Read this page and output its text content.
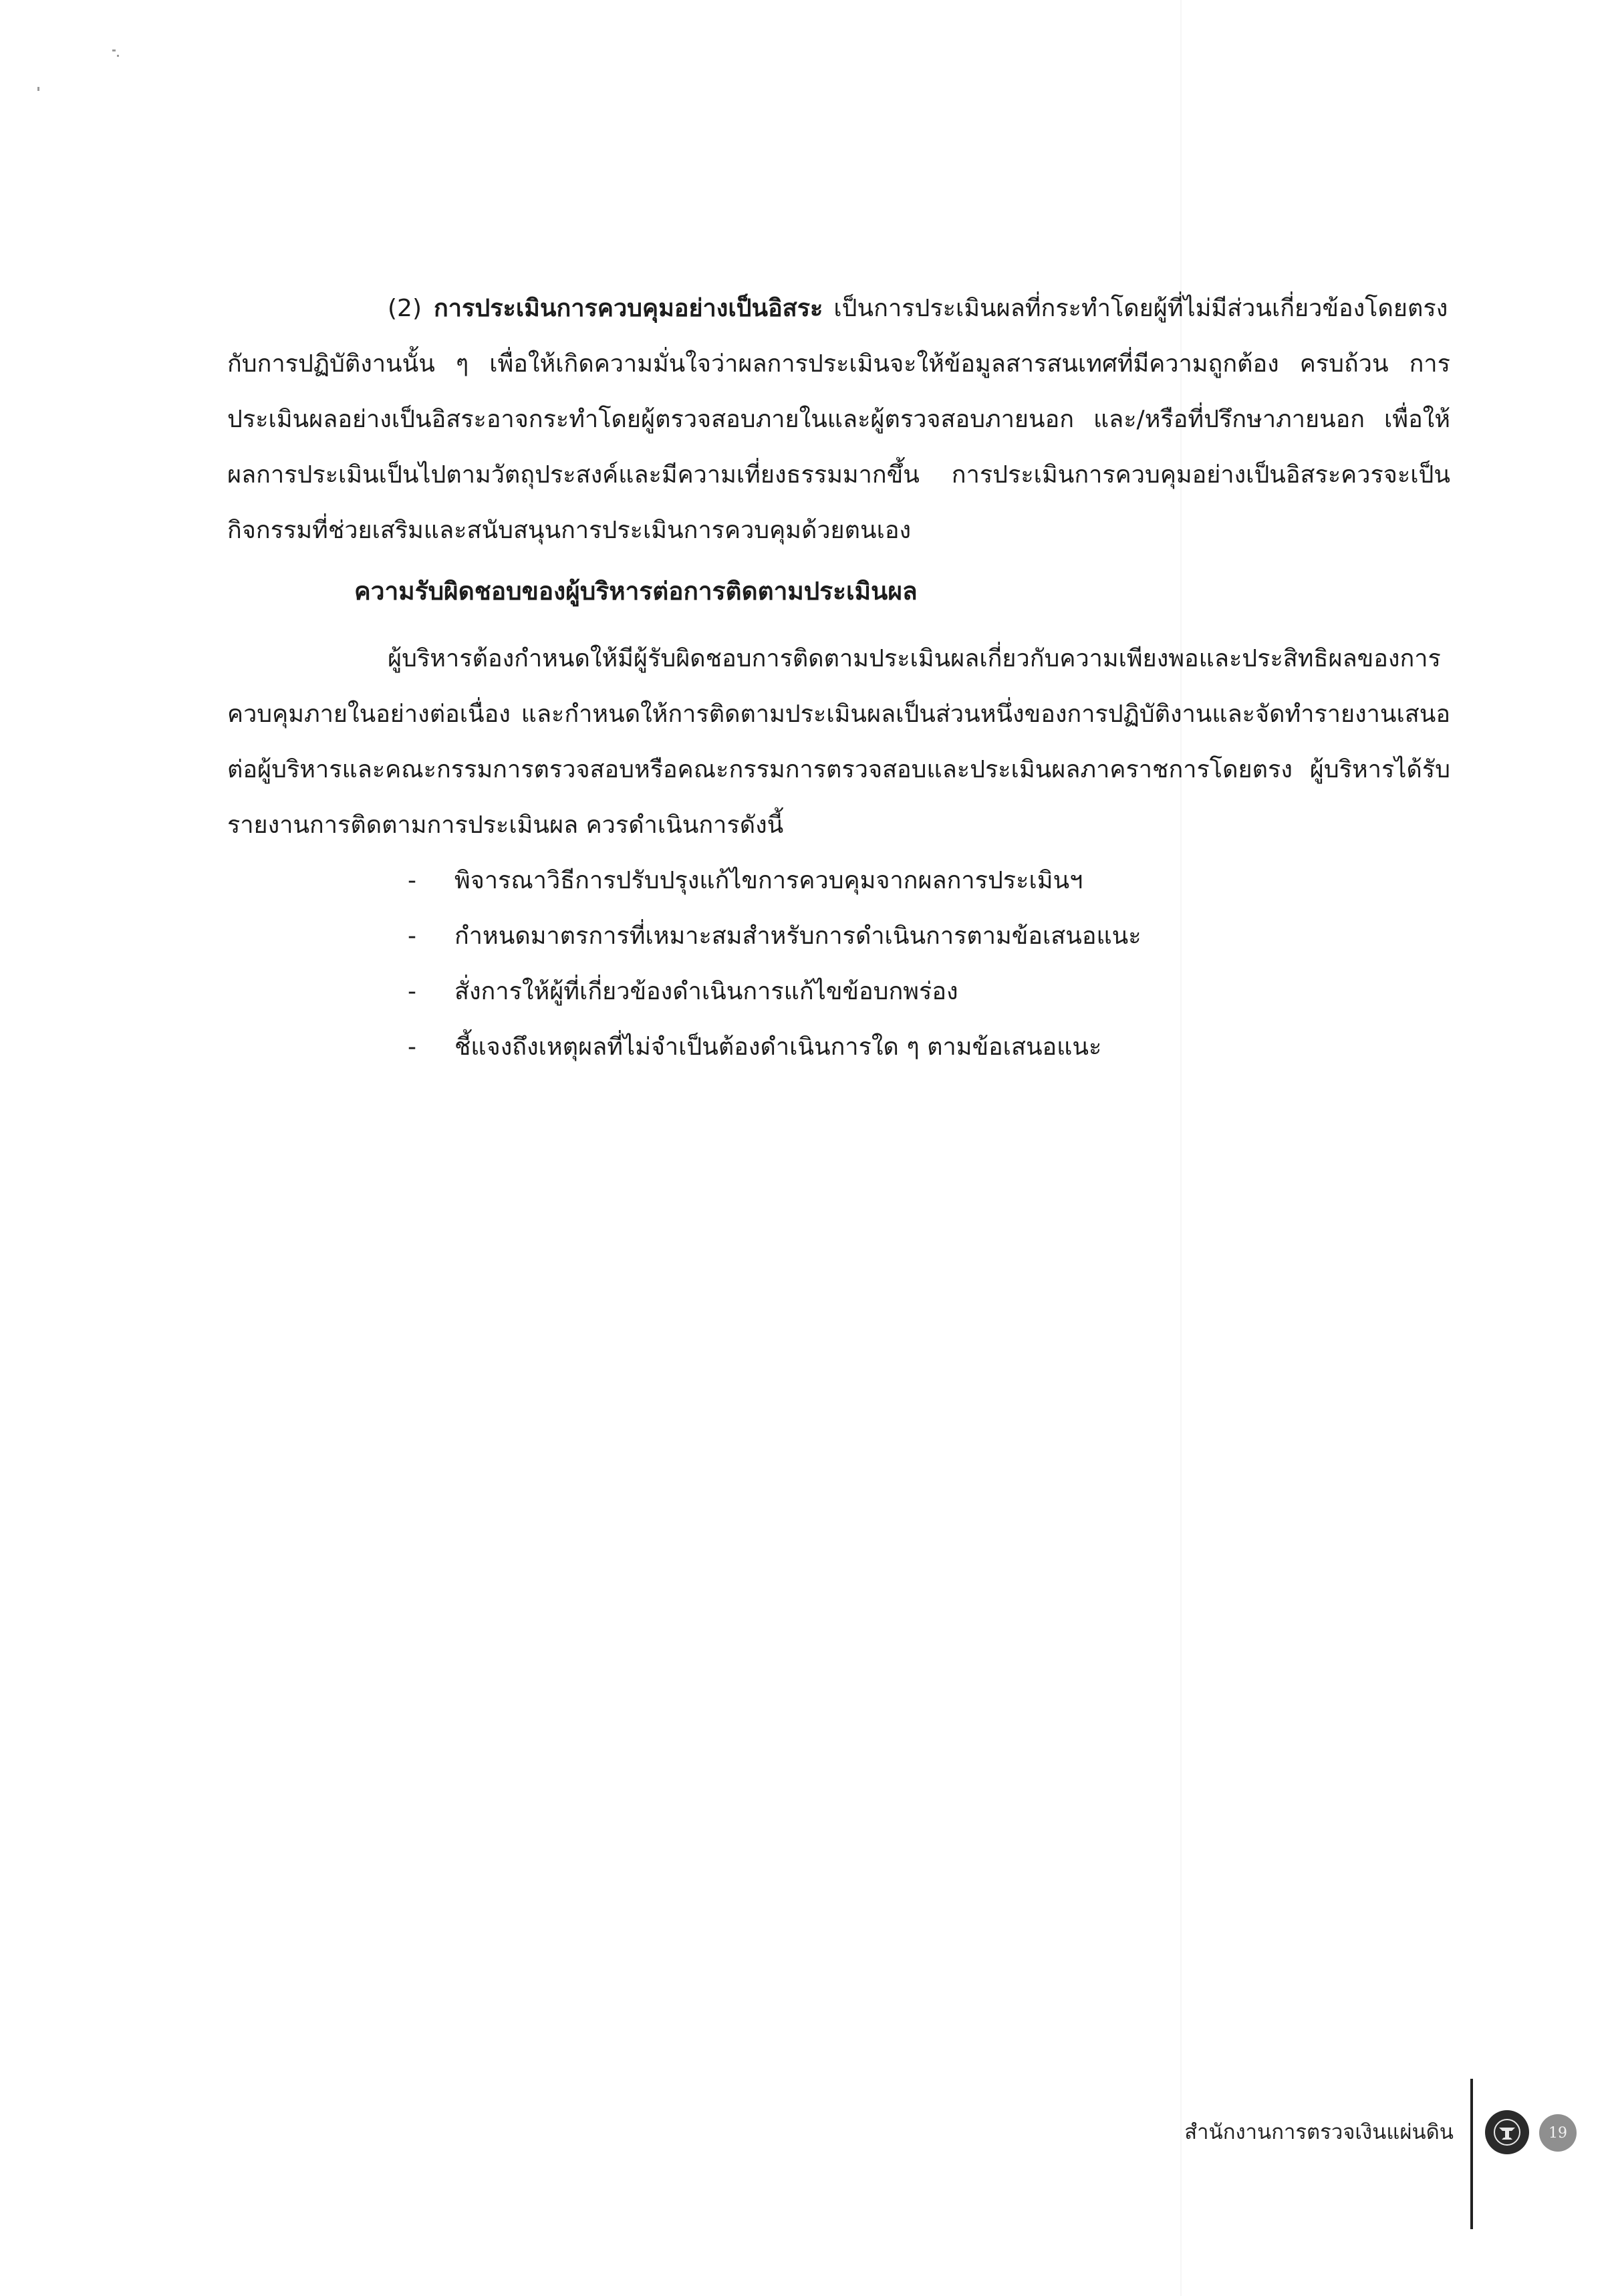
(2) การประเมินการควบคุมอย่างเป็นอิสระ เป็นการประเมินผลที่กระทำโดยผู้ที่ไม่มีส่วนเกี่ยวข้องโดยตรงกับการปฏิบัติงานนั้น ๆ เพื่อให้เกิดความมั่นใจว่าผลการประเมินจะให้ข้อมูลสารสนเทศที่มีความถูกต้อง ครบถ้วน การประเมินผลอย่างเป็นอิสระอาจกระทำโดยผู้ตรวจสอบภายในและผู้ตรวจสอบภายนอก และ/หรือที่ปรึกษาภายนอก เพื่อให้ผลการประเมินเป็นไปตามวัตถุประสงค์และมีความเที่ยงธรรมมากขึ้น การประเมินการควบคุมอย่างเป็นอิสระควรจะเป็นกิจกรรมที่ช่วยเสริมและสนับสนุนการประเมินการควบคุมด้วยตนเอง

ความรับผิดชอบของผู้บริหารต่อการติดตามประเมินผล

ผู้บริหารต้องกำหนดให้มีผู้รับผิดชอบการติดตามประเมินผลเกี่ยวกับความเพียงพอและประสิทธิผลของการควบคุมภายในอย่างต่อเนื่อง และกำหนดให้การติดตามประเมินผลเป็นส่วนหนึ่งของการปฏิบัติงานและจัดทำรายงานเสนอต่อผู้บริหารและคณะกรรมการตรวจสอบหรือคณะกรรมการตรวจสอบและประเมินผลภาคราชการโดยตรง ผู้บริหารได้รับรายงานการติดตามการประเมินผล ควรดำเนินการดังนี้

- พิจารณาวิธีการปรับปรุงแก้ไขการควบคุมจากผลการประเมินฯ
- กำหนดมาตรการที่เหมาะสมสำหรับการดำเนินการตามข้อเสนอแนะ
- สั่งการให้ผู้ที่เกี่ยวข้องดำเนินการแก้ไขข้อบกพร่อง
- ชี้แจงถึงเหตุผลที่ไม่จำเป็นต้องดำเนินการใด ๆ ตามข้อเสนอแนะ
สำนักงานการตรวจเงินแผ่นดิน	19
